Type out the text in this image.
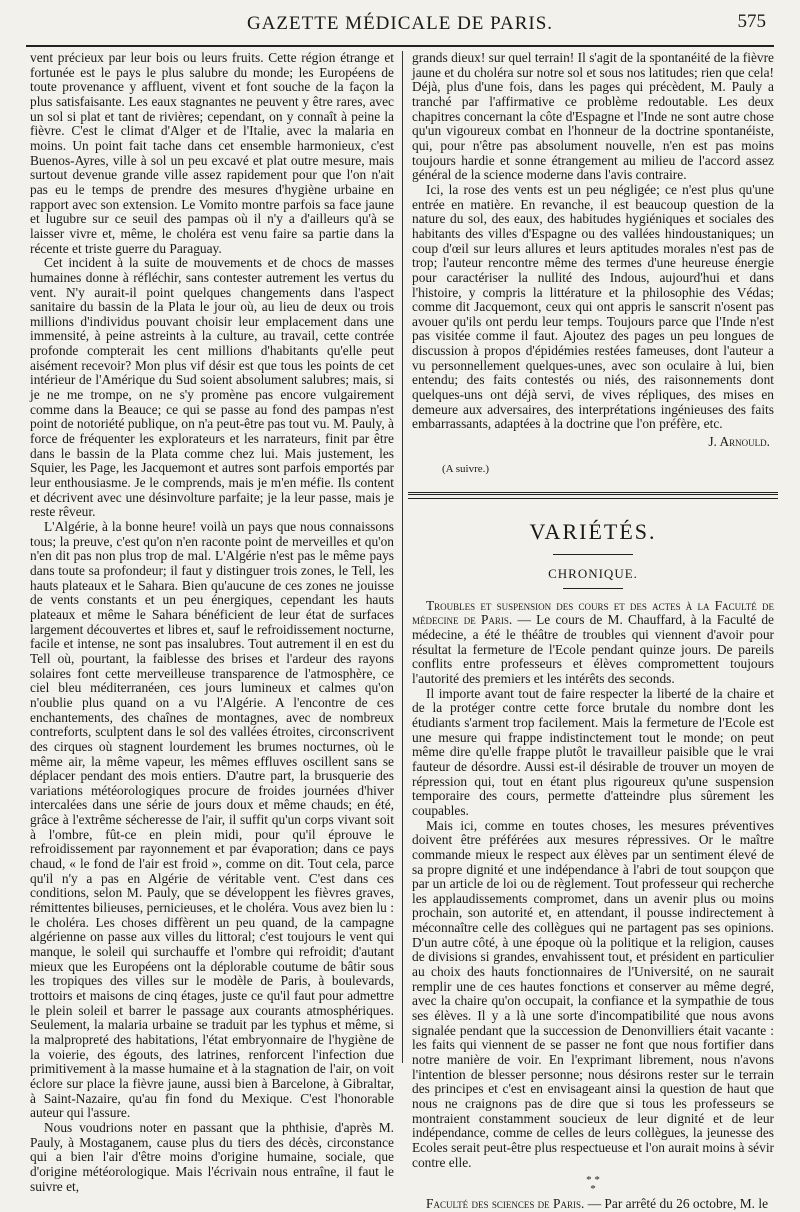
GAZETTE MÉDICALE DE PARIS.	575

vent précieux par leur bois ou leurs fruits. Cette région étrange et fortunée est le pays le plus salubre du monde; les Européens de toute provenance y affluent, vivent et font souche de la façon la plus satisfaisante. Les eaux stagnantes ne peuvent y être rares, avec un sol si plat et tant de rivières; cependant, on y connaît à peine la fièvre. C'est le climat d'Alger et de l'Italie, avec la malaria en moins. Un point fait tache dans cet ensemble harmonieux, c'est Buenos-Ayres, ville à sol un peu excavé et plat outre mesure, mais surtout devenue grande ville assez rapidement pour que l'on n'ait pas eu le temps de prendre des mesures d'hygiène urbaine en rapport avec son extension. Le Vomito montre parfois sa face jaune et lugubre sur ce seuil des pampas où il n'y a d'ailleurs qu'à se laisser vivre et, même, le choléra est venu faire sa partie dans la récente et triste guerre du Paraguay.

Cet incident à la suite de mouvements et de chocs de masses humaines donne à réfléchir, sans contester autrement les vertus du vent. N'y aurait-il point quelques changements dans l'aspect sanitaire du bassin de la Plata le jour où, au lieu de deux ou trois millions d'individus pouvant choisir leur emplacement dans une immensité, à peine astreints à la culture, au travail, cette contrée profonde compterait les cent millions d'habitants qu'elle peut aisément recevoir? Mon plus vif désir est que tous les points de cet intérieur de l'Amérique du Sud soient absolument salubres; mais, si je ne me trompe, on ne s'y promène pas encore vulgairement comme dans la Beauce; ce qui se passe au fond des pampas n'est point de notoriété publique, on n'a peut-être pas tout vu. M. Pauly, à force de fréquenter les explorateurs et les narrateurs, finit par être dans le bassin de la Plata comme chez lui. Mais justement, les Squier, les Page, les Jacquemont et autres sont parfois emportés par leur enthousiasme. Je le comprends, mais je m'en méfie. Ils content et décrivent avec une désinvolture parfaite; je la leur passe, mais je reste rêveur.

L'Algérie, à la bonne heure! voilà un pays que nous connaissons tous; la preuve, c'est qu'on n'en raconte point de merveilles et qu'on n'en dit pas non plus trop de mal. L'Algérie n'est pas le même pays dans toute sa profondeur; il faut y distinguer trois zones, le Tell, les hauts plateaux et le Sahara. Bien qu'aucune de ces zones ne jouisse de vents constants et un peu énergiques, cependant les hauts plateaux et même le Sahara bénéficient de leur état de surfaces largement découvertes et libres et, sauf le refroidissement nocturne, facile et intense, ne sont pas insalubres. Tout autrement il en est du Tell où, pourtant, la faiblesse des brises et l'ardeur des rayons solaires font cette merveilleuse transparence de l'atmosphère, ce ciel bleu méditerranéen, ces jours lumineux et calmes qu'on n'oublie plus quand on a vu l'Algérie. A l'encontre de ces enchantements, des chaînes de montagnes, avec de nombreux contreforts, sculptent dans le sol des vallées étroites, circonscrivent des cirques où stagnent lourdement les brumes nocturnes, où le même air, la même vapeur, les mêmes effluves oscillent sans se déplacer pendant des mois entiers. D'autre part, la brusquerie des variations météorologiques procure de froides journées d'hiver intercalées dans une série de jours doux et même chauds; en été, grâce à l'extrême sécheresse de l'air, il suffit qu'un corps vivant soit à l'ombre, fût-ce en plein midi, pour qu'il éprouve le refroidissement par rayonnement et par évaporation; dans ce pays chaud, « le fond de l'air est froid », comme on dit. Tout cela, parce qu'il n'y a pas en Algérie de véritable vent. C'est dans ces conditions, selon M. Pauly, que se développent les fièvres graves, rémittentes bilieuses, pernicieuses, et le choléra. Vous avez bien lu : le choléra. Les choses diffèrent un peu quand, de la campagne algérienne on passe aux villes du littoral; c'est toujours le vent qui manque, le soleil qui surchauffe et l'ombre qui refroidit; d'autant mieux que les Européens ont la déplorable coutume de bâtir sous les tropiques des villes sur le modèle de Paris, à boulevards, trottoirs et maisons de cinq étages, juste ce qu'il faut pour admettre le plein soleil et barrer le passage aux courants atmosphériques. Seulement, la malaria urbaine se traduit par les typhus et même, si la malpropreté des habitations, l'état embryonnaire de l'hygiène de la voierie, des égouts, des latrines, renforcent l'infection due primitivement à la masse humaine et à la stagnation de l'air, on voit éclore sur place la fièvre jaune, aussi bien à Barcelone, à Gibraltar, à Saint-Nazaire, qu'au fin fond du Mexique. C'est l'honorable auteur qui l'assure.

Nous voudrions noter en passant que la phthisie, d'après M. Pauly, à Mostaganem, cause plus du tiers des décès, circonstance qui a bien l'air d'être moins d'origine humaine, sociale, que d'origine météorologique. Mais l'écrivain nous entraîne, il faut le suivre et,

grands dieux! sur quel terrain! Il s'agit de la spontanéité de la fièvre jaune et du choléra sur notre sol et sous nos latitudes; rien que cela! Déjà, plus d'une fois, dans les pages qui précèdent, M. Pauly a tranché par l'affirmative ce problème redoutable. Les deux chapitres concernant la côte d'Espagne et l'Inde ne sont autre chose qu'un vigoureux combat en l'honneur de la doctrine spontanéiste, qui, pour n'être pas absolument nouvelle, n'en est pas moins toujours hardie et sonne étrangement au milieu de l'accord assez général de la science moderne dans l'avis contraire.

Ici, la rose des vents est un peu négligée; ce n'est plus qu'une entrée en matière. En revanche, il est beaucoup question de la nature du sol, des eaux, des habitudes hygiéniques et sociales des habitants des villes d'Espagne ou des vallées hindoustaniques; un coup d'œil sur leurs allures et leurs aptitudes morales n'est pas de trop; l'auteur rencontre même des termes d'une heureuse énergie pour caractériser la nullité des Indous, aujourd'hui et dans l'histoire, y compris la littérature et la philosophie des Védas; comme dit Jacquemont, ceux qui ont appris le sanscrit n'osent pas avouer qu'ils ont perdu leur temps. Toujours parce que l'Inde n'est pas visitée comme il faut. Ajoutez des pages un peu longues de discussion à propos d'épidémies restées fameuses, dont l'auteur a vu personnellement quelques-unes, avec son oculaire à lui, bien entendu; des faits contestés ou niés, des raisonnements dont quelques-uns ont déjà servi, de vives répliques, des mises en demeure aux adversaires, des interprétations ingénieuses des faits embarrassants, adaptées à la doctrine que l'on préfère, etc.

J. Arnould.
(A suivre.)
VARIÉTÉS.
CHRONIQUE.

Troubles et suspension des cours et des actes à la Faculté de médecine de Paris. — Le cours de M. Chauffard, à la Faculté de médecine, a été le théâtre de troubles qui viennent d'avoir pour résultat la fermeture de l'Ecole pendant quinze jours. De pareils conflits entre professeurs et élèves compromettent toujours l'autorité des premiers et les intérêts des seconds.

Il importe avant tout de faire respecter la liberté de la chaire et de la protéger contre cette force brutale du nombre dont les étudiants s'arment trop facilement. Mais la fermeture de l'Ecole est une mesure qui frappe indistinctement tout le monde; on peut même dire qu'elle frappe plutôt le travailleur paisible que le vrai fauteur de désordre. Aussi est-il désirable de trouver un moyen de répression qui, tout en étant plus rigoureux qu'une suspension temporaire des cours, permette d'atteindre plus sûrement les coupables.

Mais ici, comme en toutes choses, les mesures préventives doivent être préférées aux mesures répressives. Or le maître commande mieux le respect aux élèves par un sentiment élevé de sa propre dignité et une indépendance à l'abri de tout soupçon que par un article de loi ou de règlement. Tout professeur qui recherche les applaudissements compromet, dans un avenir plus ou moins prochain, son autorité et, en attendant, il pousse indirectement à méconnaître celle des collègues qui ne partagent pas ses opinions. D'un autre côté, à une époque où la politique et la religion, causes de divisions si grandes, envahissent tout, et président en particulier au choix des hauts fonctionnaires de l'Université, on ne saurait remplir une de ces hautes fonctions et conserver au même degré, avec la chaire qu'on occupait, la confiance et la sympathie de tous ses élèves. Il y a là une sorte d'incompatibilité que nous avons signalée pendant que la succession de Denonvilliers était vacante : les faits qui viennent de se passer ne font que nous fortifier dans notre manière de voir. En l'exprimant librement, nous n'avons l'intention de blesser personne; nous désirons rester sur le terrain des principes et c'est en envisageant ainsi la question de haut que nous ne craignons pas de dire que si tous les professeurs se montraient constamment soucieux de leur dignité et de leur indépendance, comme de celles de leurs collègues, la jeunesse des Ecoles serait peut-être plus respectueuse et l'on aurait moins à sévir contre elle.

* *
*

Faculté des sciences de Paris. — Par arrêté du 26 octobre, M. le
